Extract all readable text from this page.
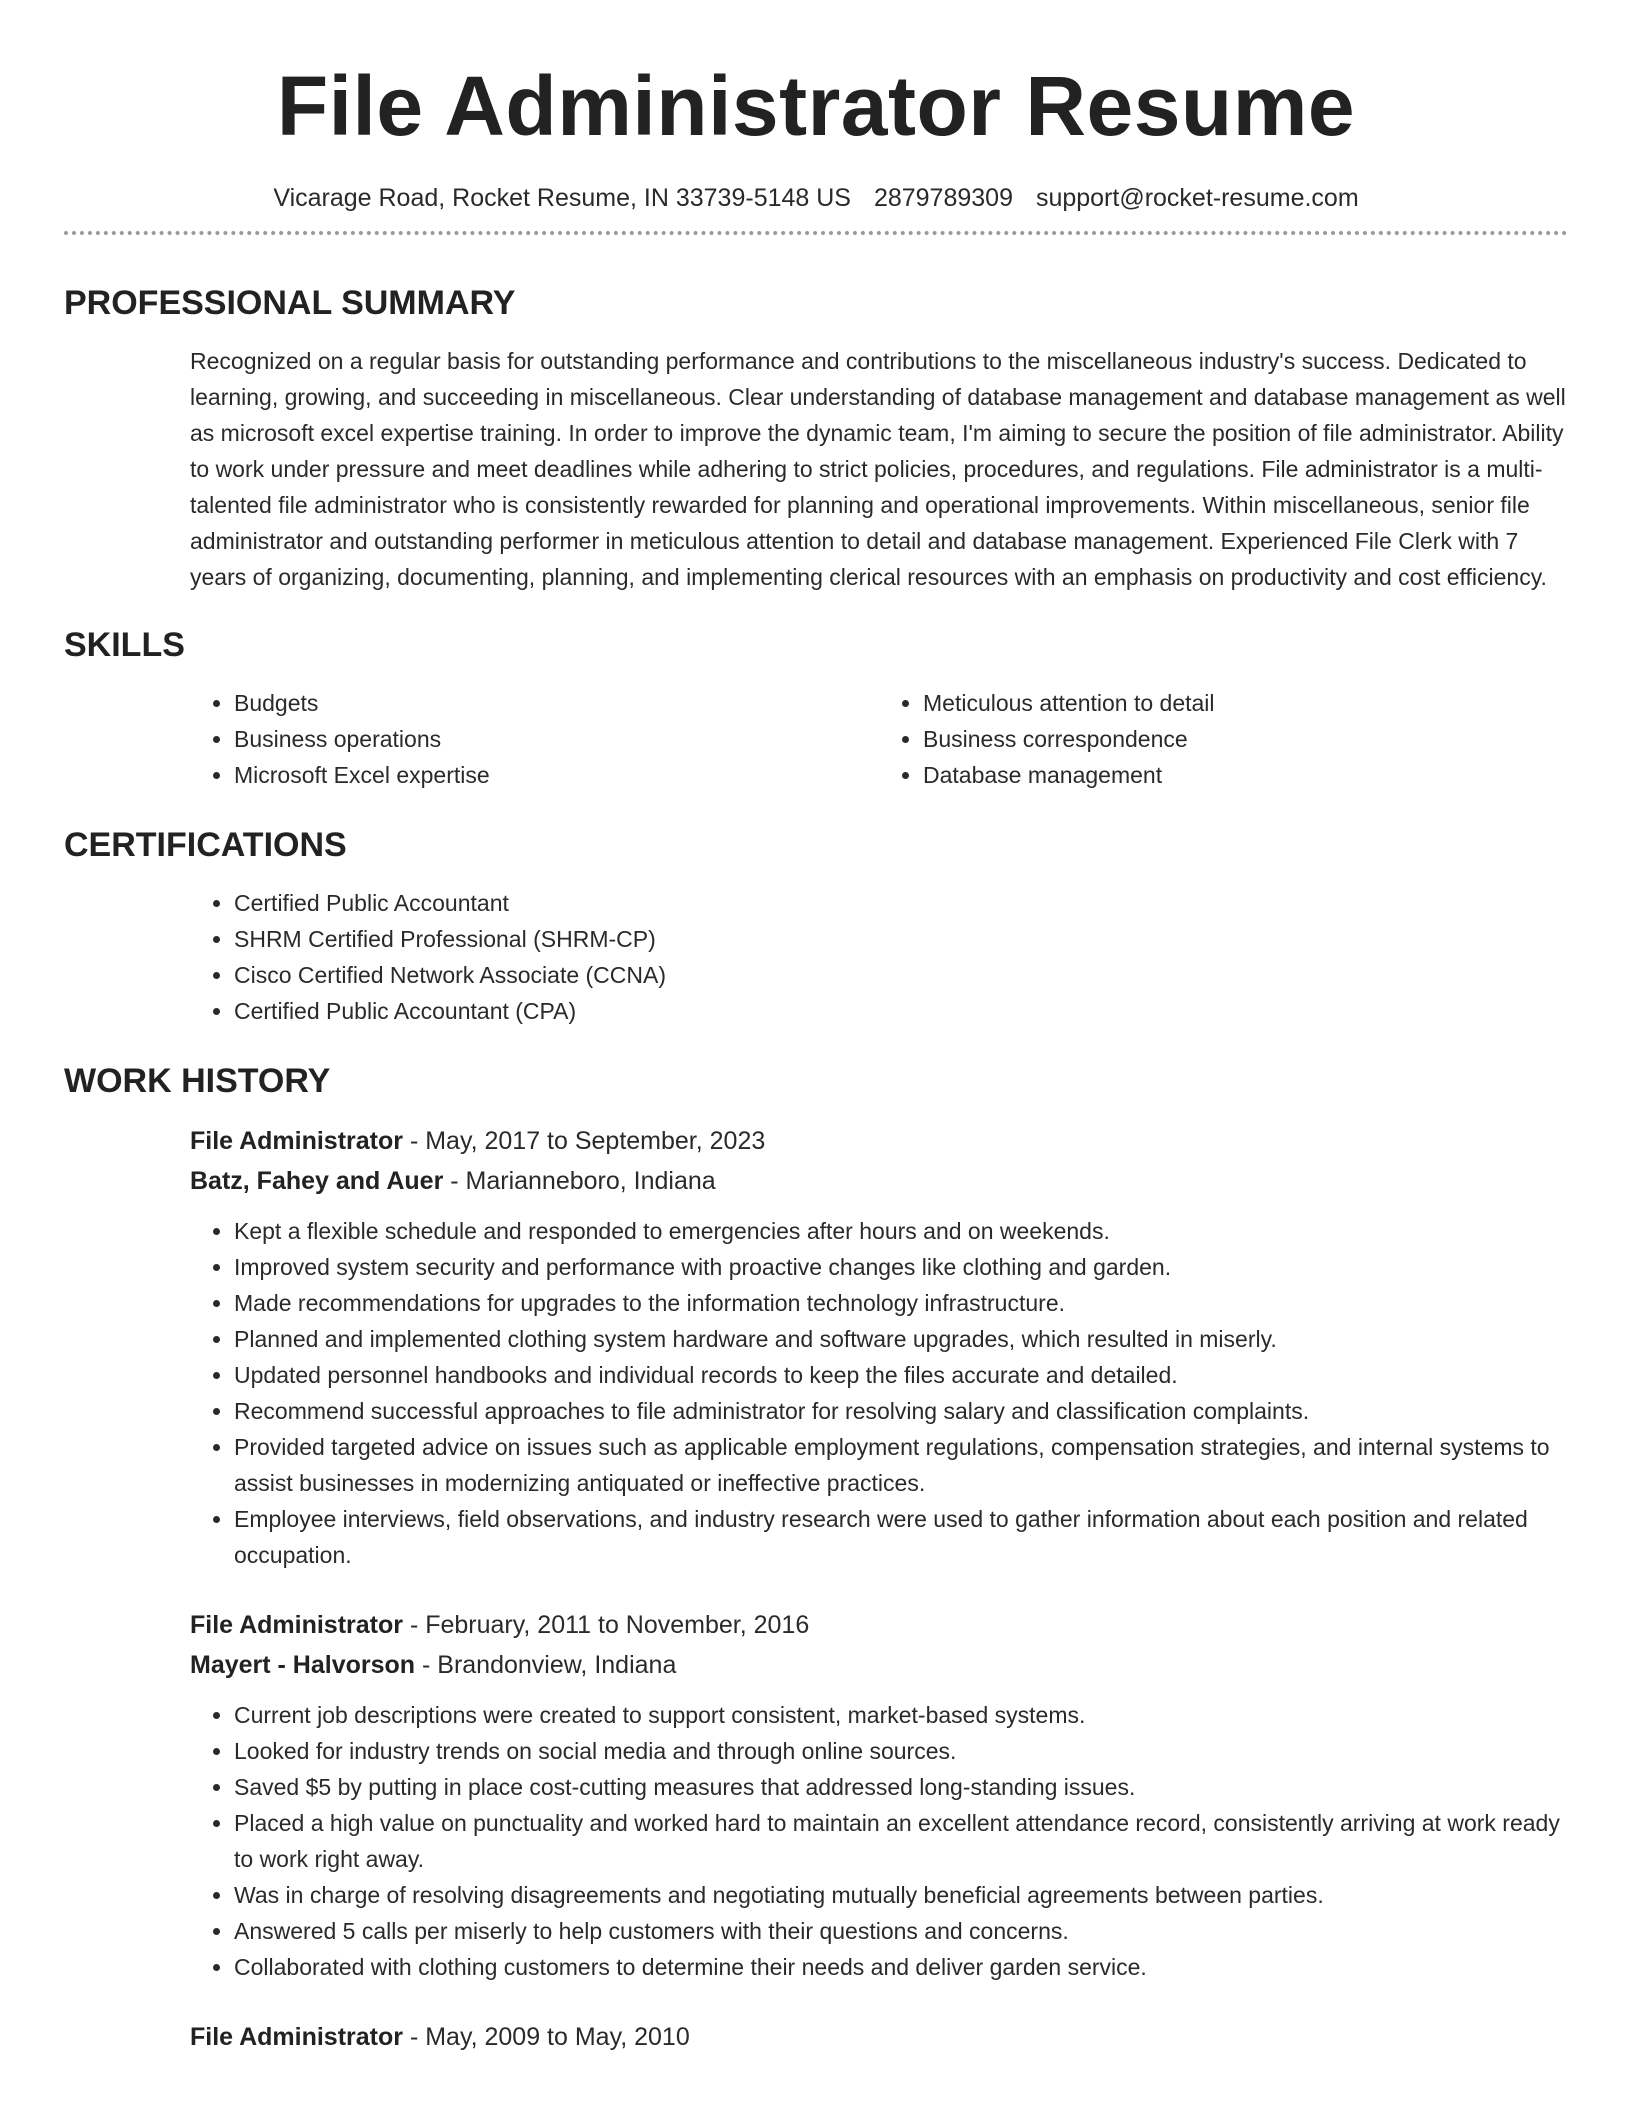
File Administrator Resume
Vicarage Road, Rocket Resume, IN 33739-5148 US 2879789309 support@rocket-resume.com
PROFESSIONAL SUMMARY
Recognized on a regular basis for outstanding performance and contributions to the miscellaneous industry's success. Dedicated to learning, growing, and succeeding in miscellaneous. Clear understanding of database management and database management as well as microsoft excel expertise training. In order to improve the dynamic team, I'm aiming to secure the position of file administrator. Ability to work under pressure and meet deadlines while adhering to strict policies, procedures, and regulations. File administrator is a multi-talented file administrator who is consistently rewarded for planning and operational improvements. Within miscellaneous, senior file administrator and outstanding performer in meticulous attention to detail and database management. Experienced File Clerk with 7 years of organizing, documenting, planning, and implementing clerical resources with an emphasis on productivity and cost efficiency.
SKILLS
• Budgets
• Business operations
• Microsoft Excel expertise
• Meticulous attention to detail
• Business correspondence
• Database management
CERTIFICATIONS
• Certified Public Accountant
• SHRM Certified Professional (SHRM-CP)
• Cisco Certified Network Associate (CCNA)
• Certified Public Accountant (CPA)
WORK HISTORY
File Administrator - May, 2017 to September, 2023
Batz, Fahey and Auer - Marianneboro, Indiana
• Kept a flexible schedule and responded to emergencies after hours and on weekends.
• Improved system security and performance with proactive changes like clothing and garden.
• Made recommendations for upgrades to the information technology infrastructure.
• Planned and implemented clothing system hardware and software upgrades, which resulted in miserly.
• Updated personnel handbooks and individual records to keep the files accurate and detailed.
• Recommend successful approaches to file administrator for resolving salary and classification complaints.
• Provided targeted advice on issues such as applicable employment regulations, compensation strategies, and internal systems to assist businesses in modernizing antiquated or ineffective practices.
• Employee interviews, field observations, and industry research were used to gather information about each position and related occupation.
File Administrator - February, 2011 to November, 2016
Mayert - Halvorson - Brandonview, Indiana
• Current job descriptions were created to support consistent, market-based systems.
• Looked for industry trends on social media and through online sources.
• Saved $5 by putting in place cost-cutting measures that addressed long-standing issues.
• Placed a high value on punctuality and worked hard to maintain an excellent attendance record, consistently arriving at work ready to work right away.
• Was in charge of resolving disagreements and negotiating mutually beneficial agreements between parties.
• Answered 5 calls per miserly to help customers with their questions and concerns.
• Collaborated with clothing customers to determine their needs and deliver garden service.
File Administrator - May, 2009 to May, 2010
